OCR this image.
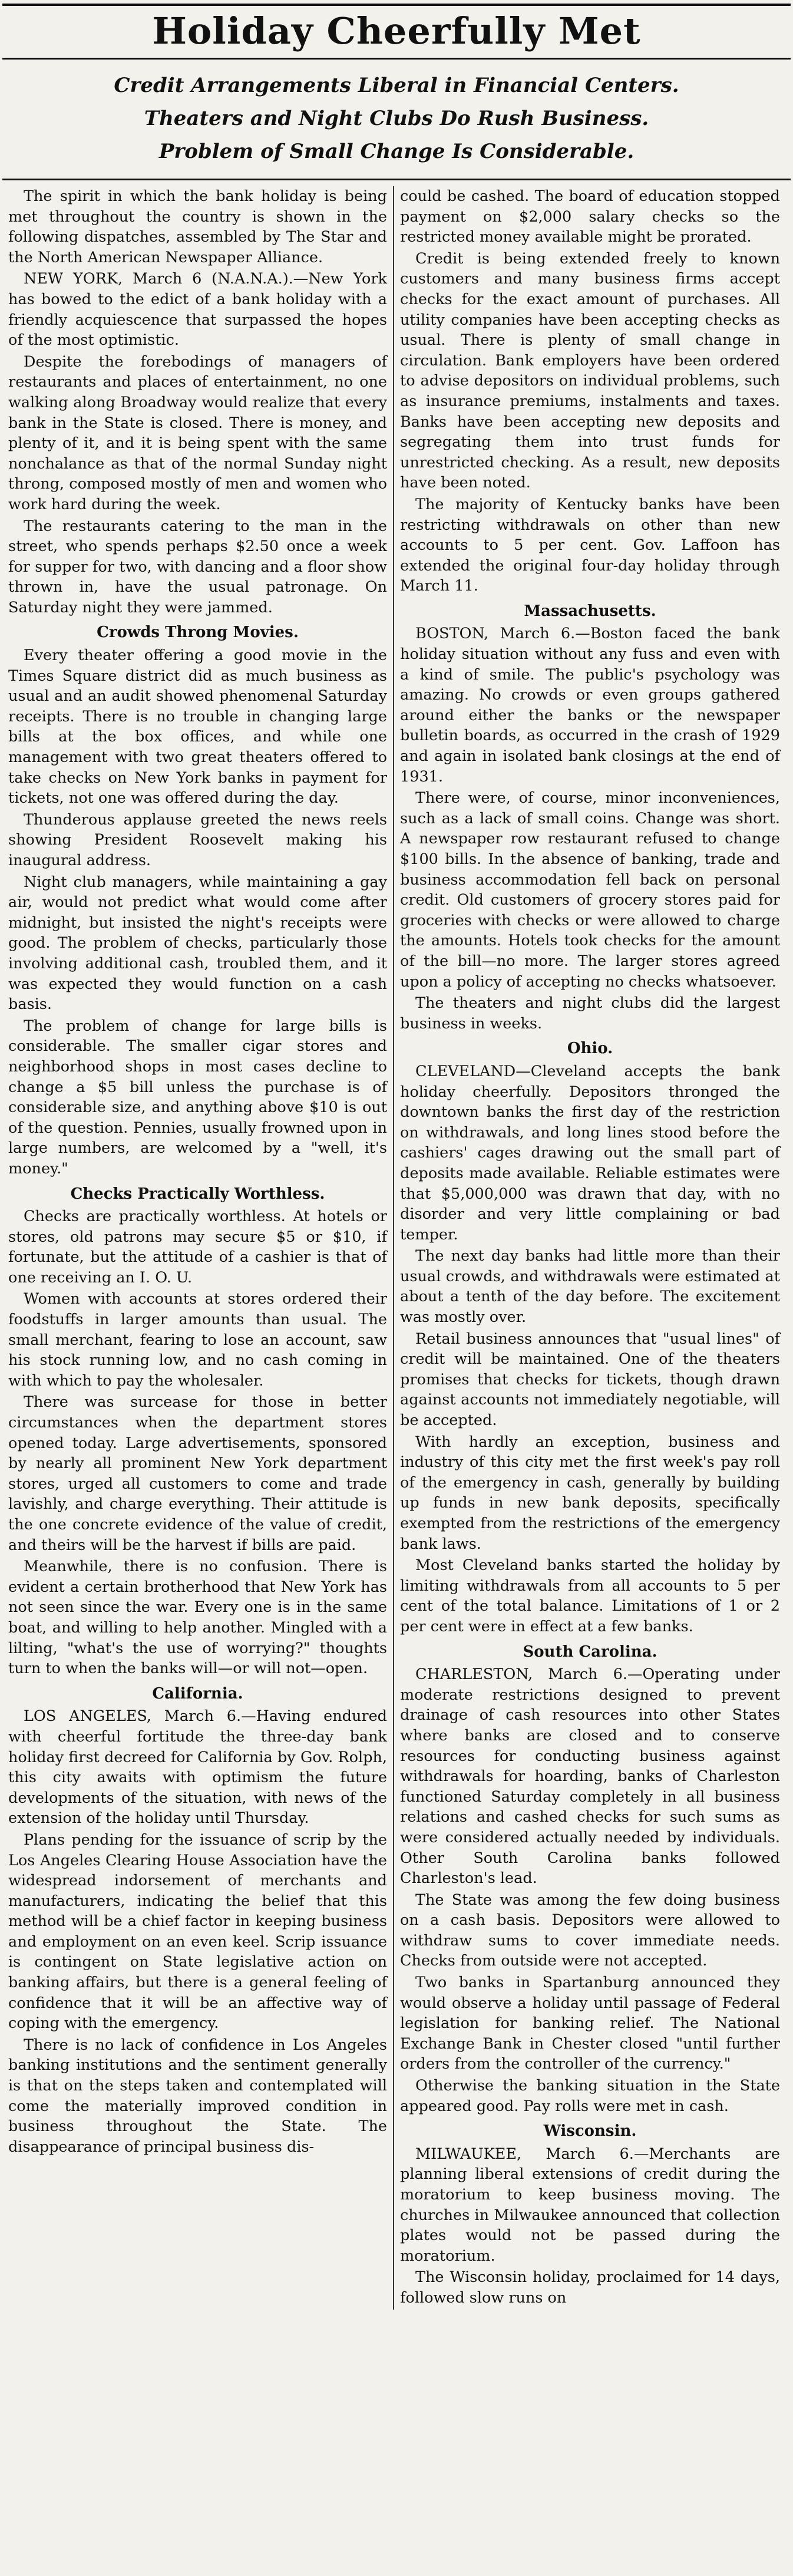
Holiday Cheerfully Met
Credit Arrangements Liberal in Financial Centers.
Theaters and Night Clubs Do Rush Business.
Problem of Small Change Is Considerable.

The spirit in which the bank holiday is being met throughout the country is shown in the following dispatches, assembled by The Star and the North American Newspaper Alliance.

NEW YORK, March 6 (N.A.N.A.).—New York has bowed to the edict of a bank holiday with a friendly acquiescence that surpassed the hopes of the most optimistic.

Despite the forebodings of managers of restaurants and places of entertainment, no one walking along Broadway would realize that every bank in the State is closed. There is money, and plenty of it, and it is being spent with the same nonchalance as that of the normal Sunday night throng, composed mostly of men and women who work hard during the week.

The restaurants catering to the man in the street, who spends perhaps $2.50 once a week for supper for two, with dancing and a floor show thrown in, have the usual patronage. On Saturday night they were jammed.

Crowds Throng Movies.

Every theater offering a good movie in the Times Square district did as much business as usual and an audit showed phenomenal Saturday receipts. There is no trouble in changing large bills at the box offices, and while one management with two great theaters offered to take checks on New York banks in payment for tickets, not one was offered during the day.

Thunderous applause greeted the news reels showing President Roosevelt making his inaugural address.

Night club managers, while maintaining a gay air, would not predict what would come after midnight, but insisted the night's receipts were good. The problem of checks, particularly those involving additional cash, troubled them, and it was expected they would function on a cash basis.

The problem of change for large bills is considerable. The smaller cigar stores and neighborhood shops in most cases decline to change a $5 bill unless the purchase is of considerable size, and anything above $10 is out of the question. Pennies, usually frowned upon in large numbers, are welcomed by a "well, it's money."

Checks Practically Worthless.

Checks are practically worthless. At hotels or stores, old patrons may secure $5 or $10, if fortunate, but the attitude of a cashier is that of one receiving an I. O. U.

Women with accounts at stores ordered their foodstuffs in larger amounts than usual. The small merchant, fearing to lose an account, saw his stock running low, and no cash coming in with which to pay the wholesaler.

There was surcease for those in better circumstances when the department stores opened today. Large advertisements, sponsored by nearly all prominent New York department stores, urged all customers to come and trade lavishly, and charge everything. Their attitude is the one concrete evidence of the value of credit, and theirs will be the harvest if bills are paid.

Meanwhile, there is no confusion. There is evident a certain brotherhood that New York has not seen since the war. Every one is in the same boat, and willing to help another. Mingled with a lilting, "what's the use of worrying?" thoughts turn to when the banks will—or will not—open.

California.

LOS ANGELES, March 6.—Having endured with cheerful fortitude the three-day bank holiday first decreed for California by Gov. Rolph, this city awaits with optimism the future developments of the situation, with news of the extension of the holiday until Thursday.

Plans pending for the issuance of scrip by the Los Angeles Clearing House Association have the widespread indorsement of merchants and manufacturers, indicating the belief that this method will be a chief factor in keeping business and employment on an even keel. Scrip issuance is contingent on State legislative action on banking affairs, but there is a general feeling of confidence that it will be an affective way of coping with the emergency.

There is no lack of confidence in Los Angeles banking institutions and the sentiment generally is that on the steps taken and contemplated will come the materially improved condition in business throughout the State. The disappearance of principal business dis-

could be cashed. The board of education stopped payment on $2,000 salary checks so the restricted money available might be prorated.

Credit is being extended freely to known customers and many business firms accept checks for the exact amount of purchases. All utility companies have been accepting checks as usual. There is plenty of small change in circulation. Bank employers have been ordered to advise depositors on individual problems, such as insurance premiums, instalments and taxes. Banks have been accepting new deposits and segregating them into trust funds for unrestricted checking. As a result, new deposits have been noted.

The majority of Kentucky banks have been restricting withdrawals on other than new accounts to 5 per cent. Gov. Laffoon has extended the original four-day holiday through March 11.

Massachusetts.

BOSTON, March 6.—Boston faced the bank holiday situation without any fuss and even with a kind of smile. The public's psychology was amazing. No crowds or even groups gathered around either the banks or the newspaper bulletin boards, as occurred in the crash of 1929 and again in isolated bank closings at the end of 1931.

There were, of course, minor inconveniences, such as a lack of small coins. Change was short. A newspaper row restaurant refused to change $100 bills. In the absence of banking, trade and business accommodation fell back on personal credit. Old customers of grocery stores paid for groceries with checks or were allowed to charge the amounts. Hotels took checks for the amount of the bill—no more. The larger stores agreed upon a policy of accepting no checks whatsoever.

The theaters and night clubs did the largest business in weeks.

Ohio.

CLEVELAND—Cleveland accepts the bank holiday cheerfully. Depositors thronged the downtown banks the first day of the restriction on withdrawals, and long lines stood before the cashiers' cages drawing out the small part of deposits made available. Reliable estimates were that $5,000,000 was drawn that day, with no disorder and very little complaining or bad temper.

The next day banks had little more than their usual crowds, and withdrawals were estimated at about a tenth of the day before. The excitement was mostly over.

Retail business announces that "usual lines" of credit will be maintained. One of the theaters promises that checks for tickets, though drawn against accounts not immediately negotiable, will be accepted.

With hardly an exception, business and industry of this city met the first week's pay roll of the emergency in cash, generally by building up funds in new bank deposits, specifically exempted from the restrictions of the emergency bank laws.

Most Cleveland banks started the holiday by limiting withdrawals from all accounts to 5 per cent of the total balance. Limitations of 1 or 2 per cent were in effect at a few banks.

South Carolina.

CHARLESTON, March 6.—Operating under moderate restrictions designed to prevent drainage of cash resources into other States where banks are closed and to conserve resources for conducting business against withdrawals for hoarding, banks of Charleston functioned Saturday completely in all business relations and cashed checks for such sums as were considered actually needed by individuals. Other South Carolina banks followed Charleston's lead.

The State was among the few doing business on a cash basis. Depositors were allowed to withdraw sums to cover immediate needs. Checks from outside were not accepted.

Two banks in Spartanburg announced they would observe a holiday until passage of Federal legislation for banking relief. The National Exchange Bank in Chester closed "until further orders from the controller of the currency."

Otherwise the banking situation in the State appeared good. Pay rolls were met in cash.

Wisconsin.

MILWAUKEE, March 6.—Merchants are planning liberal extensions of credit during the moratorium to keep business moving. The churches in Milwaukee announced that collection plates would not be passed during the moratorium.

The Wisconsin holiday, proclaimed for 14 days, followed slow runs on
